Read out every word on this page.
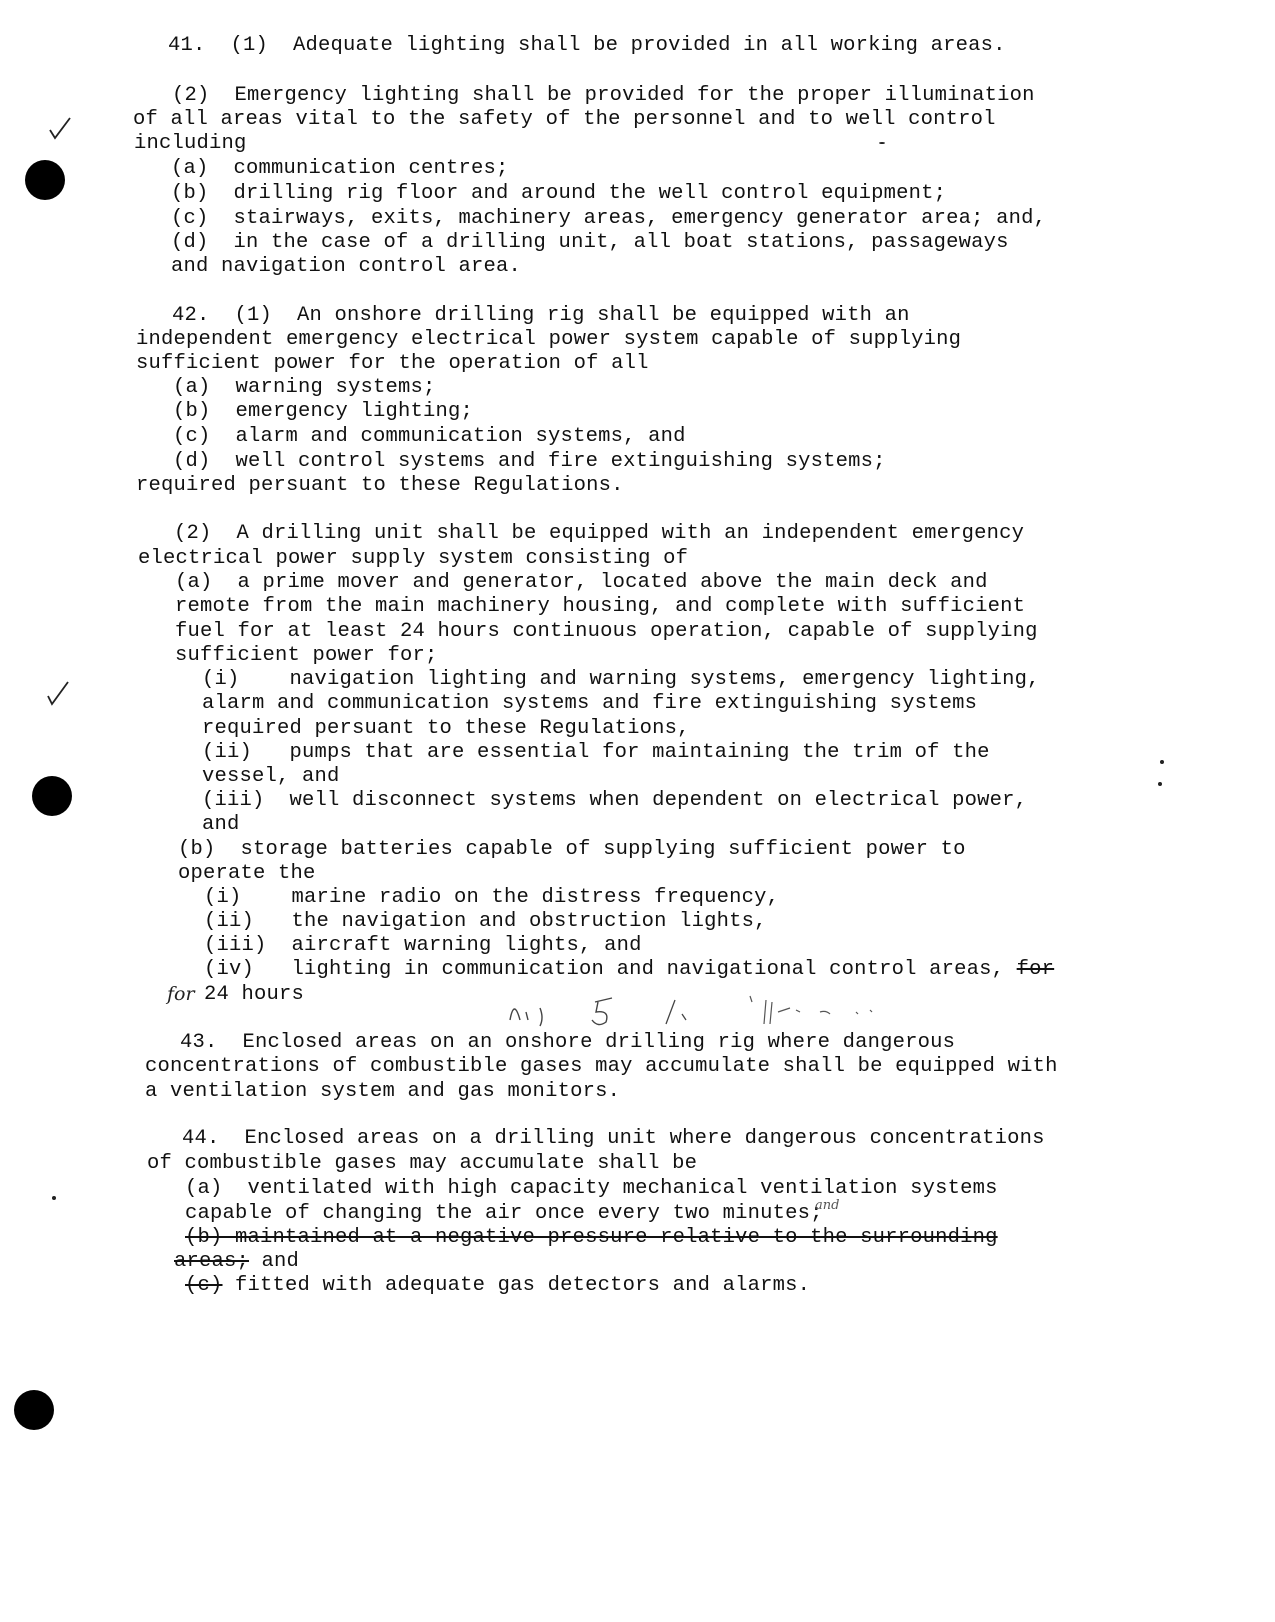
41.  (1)  Adequate lighting shall be provided in all working areas.
(2)  Emergency lighting shall be provided for the proper illumination
of all areas vital to the safety of the personnel and to well control
including
(a)  communication centres;
(b)  drilling rig floor and around the well control equipment;
(c)  stairways, exits, machinery areas, emergency generator area; and,
(d)  in the case of a drilling unit, all boat stations, passageways
and navigation control area.
42.  (1)  An onshore drilling rig shall be equipped with an
independent emergency electrical power system capable of supplying
sufficient power for the operation of all
(a)  warning systems;
(b)  emergency lighting;
(c)  alarm and communication systems, and
(d)  well control systems and fire extinguishing systems;
required persuant to these Regulations.
(2)  A drilling unit shall be equipped with an independent emergency
electrical power supply system consisting of
(a)  a prime mover and generator, located above the main deck and
remote from the main machinery housing, and complete with sufficient
fuel for at least 24 hours continuous operation, capable of supplying
sufficient power for;
(i)    navigation lighting and warning systems, emergency lighting,
alarm and communication systems and fire extinguishing systems
required persuant to these Regulations,
(ii)   pumps that are essential for maintaining the trim of the
vessel, and
(iii)  well disconnect systems when dependent on electrical power,
and
(b)  storage batteries capable of supplying sufficient power to
operate the
(i)    marine radio on the distress frequency,
(ii)   the navigation and obstruction lights,
(iii)  aircraft warning lights, and
(iv)   lighting in communication and navigational control areas, for
for 24 hours
43.  Enclosed areas on an onshore drilling rig where dangerous
concentrations of combustible gases may accumulate shall be equipped with
a ventilation system and gas monitors.
44.  Enclosed areas on a drilling unit where dangerous concentrations
of combustible gases may accumulate shall be
(a)  ventilated with high capacity mechanical ventilation systems
capable of changing the air once every two minutes;
and
(b) maintained at a negative pressure relative to the surrounding
areas; and
(c) fitted with adequate gas detectors and alarms.
